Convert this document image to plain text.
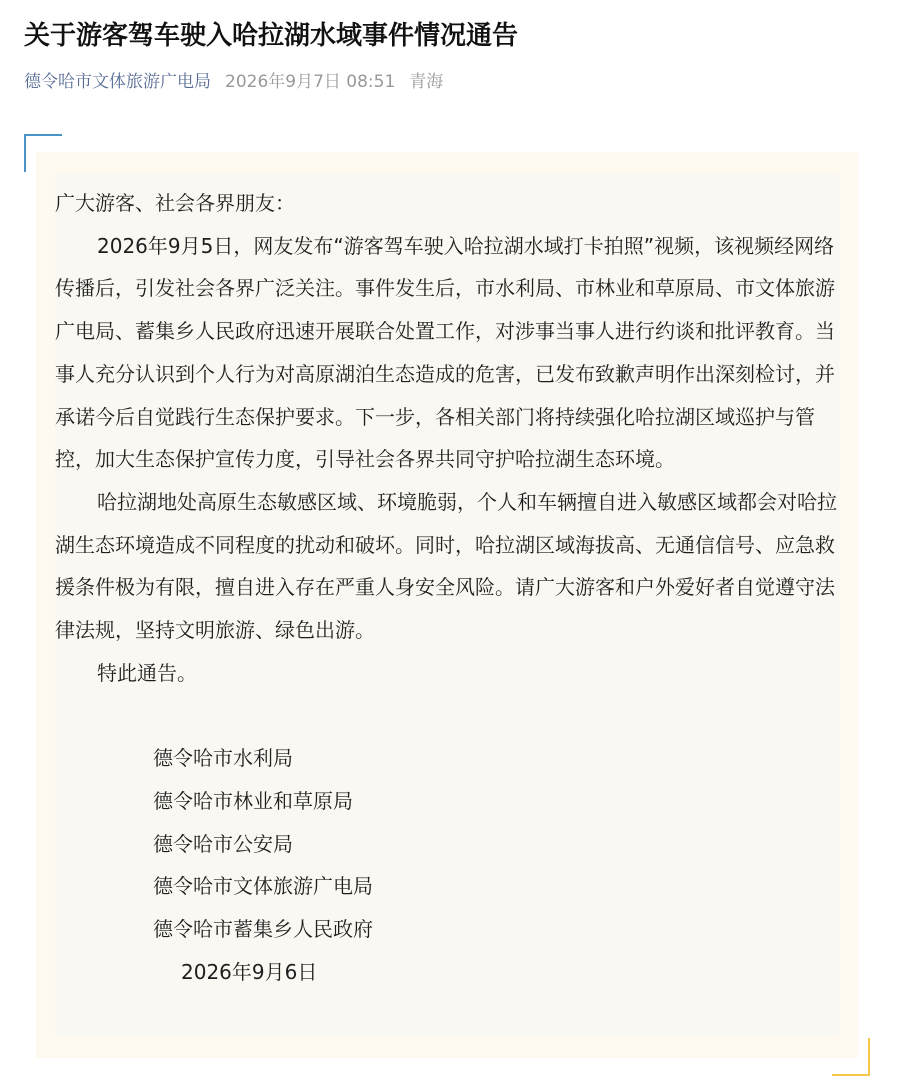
关于游客驾车驶入哈拉湖水域事件情况通告
德令哈市文体旅游广电局 2026年9月7日 08:51 青海

广大游客、社会各界朋友：

2026年9月5日，网友发布“游客驾车驶入哈拉湖水域打卡拍照”视频，该视频经网络传播后，引发社会各界广泛关注。事件发生后，市水利局、市林业和草原局、市文体旅游广电局、蓄集乡人民政府迅速开展联合处置工作，对涉事当事人进行约谈和批评教育。当事人充分认识到个人行为对高原湖泊生态造成的危害，已发布致歉声明作出深刻检讨，并承诺今后自觉践行生态保护要求。下一步，各相关部门将持续强化哈拉湖区域巡护与管控，加大生态保护宣传力度，引导社会各界共同守护哈拉湖生态环境。

哈拉湖地处高原生态敏感区域、环境脆弱，个人和车辆擅自进入敏感区域都会对哈拉湖生态环境造成不同程度的扰动和破坏。同时，哈拉湖区域海拔高、无通信信号、应急救援条件极为有限，擅自进入存在严重人身安全风险。请广大游客和户外爱好者自觉遵守法律法规，坚持文明旅游、绿色出游。

特此通告。

德令哈市水利局

德令哈市林业和草原局

德令哈市公安局

德令哈市文体旅游广电局

德令哈市蓄集乡人民政府

2026年9月6日
